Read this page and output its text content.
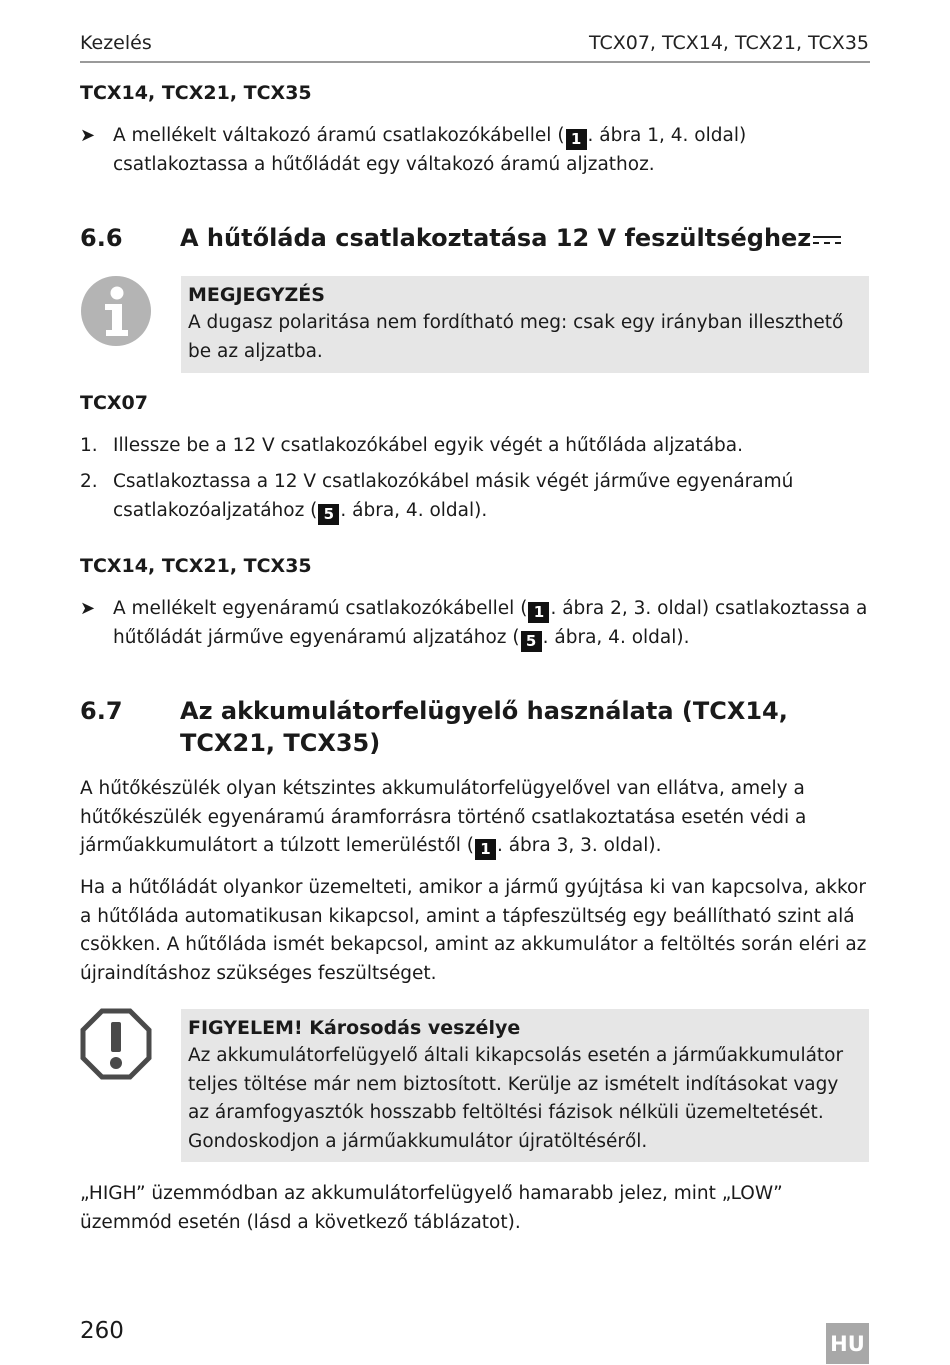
Kezelés	TCX07, TCX14, TCX21, TCX35
TCX14, TCX21, TCX35
➤ A mellékelt váltakozó áramú csatlakozókábellel ( 1 . ábra 1, 4. oldal) csatlakoztassa a hűtőládát egy váltakozó áramú aljzathoz.
6.6 A hűtőláda csatlakoztatása 12 V feszültséghez
MEGJEGYZÉS
A dugasz polaritása nem fordítható meg: csak egy irányban illeszthető be az aljzatba.
TCX07
1. Illessze be a 12 V csatlakozókábel egyik végét a hűtőláda aljzatába.
2. Csatlakoztassa a 12 V csatlakozókábel másik végét járműve egyenáramú csatlakozóaljzatához ( 5 . ábra, 4. oldal).
TCX14, TCX21, TCX35
➤ A mellékelt egyenáramú csatlakozókábellel ( 1 . ábra 2, 3. oldal) csatlakoztassa a hűtőládát járműve egyenáramú aljzatához ( 5 . ábra, 4. oldal).
6.7 Az akkumulátorfelügyelő használata (TCX14, TCX21, TCX35)
A hűtőkészülék olyan kétszintes akkumulátorfelügyelővel van ellátva, amely a hűtőkészülék egyenáramú áramforrásra történő csatlakoztatása esetén védi a járműakkumulátort a túlzott lemerüléstől ( 1 . ábra 3, 3. oldal).
Ha a hűtőládát olyankor üzemelteti, amikor a jármű gyújtása ki van kapcsolva, akkor a hűtőláda automatikusan kikapcsol, amint a tápfeszültség egy beállítható szint alá csökken. A hűtőláda ismét bekapcsol, amint az akkumulátor a feltöltés során eléri az újraindításhoz szükséges feszültséget.
FIGYELEM! Károsodás veszélye
Az akkumulátorfelügyelő általi kikapcsolás esetén a járműakkumulátor teljes töltése már nem biztosított. Kerülje az ismételt indításokat vagy az áramfogyasztók hosszabb feltöltési fázisok nélküli üzemeltetését. Gondoskodjon a járműakkumulátor újratöltéséről.
„HIGH” üzemmódban az akkumulátorfelügyelő hamarabb jelez, mint „LOW” üzemmód esetén (lásd a következő táblázatot).
260	HU
